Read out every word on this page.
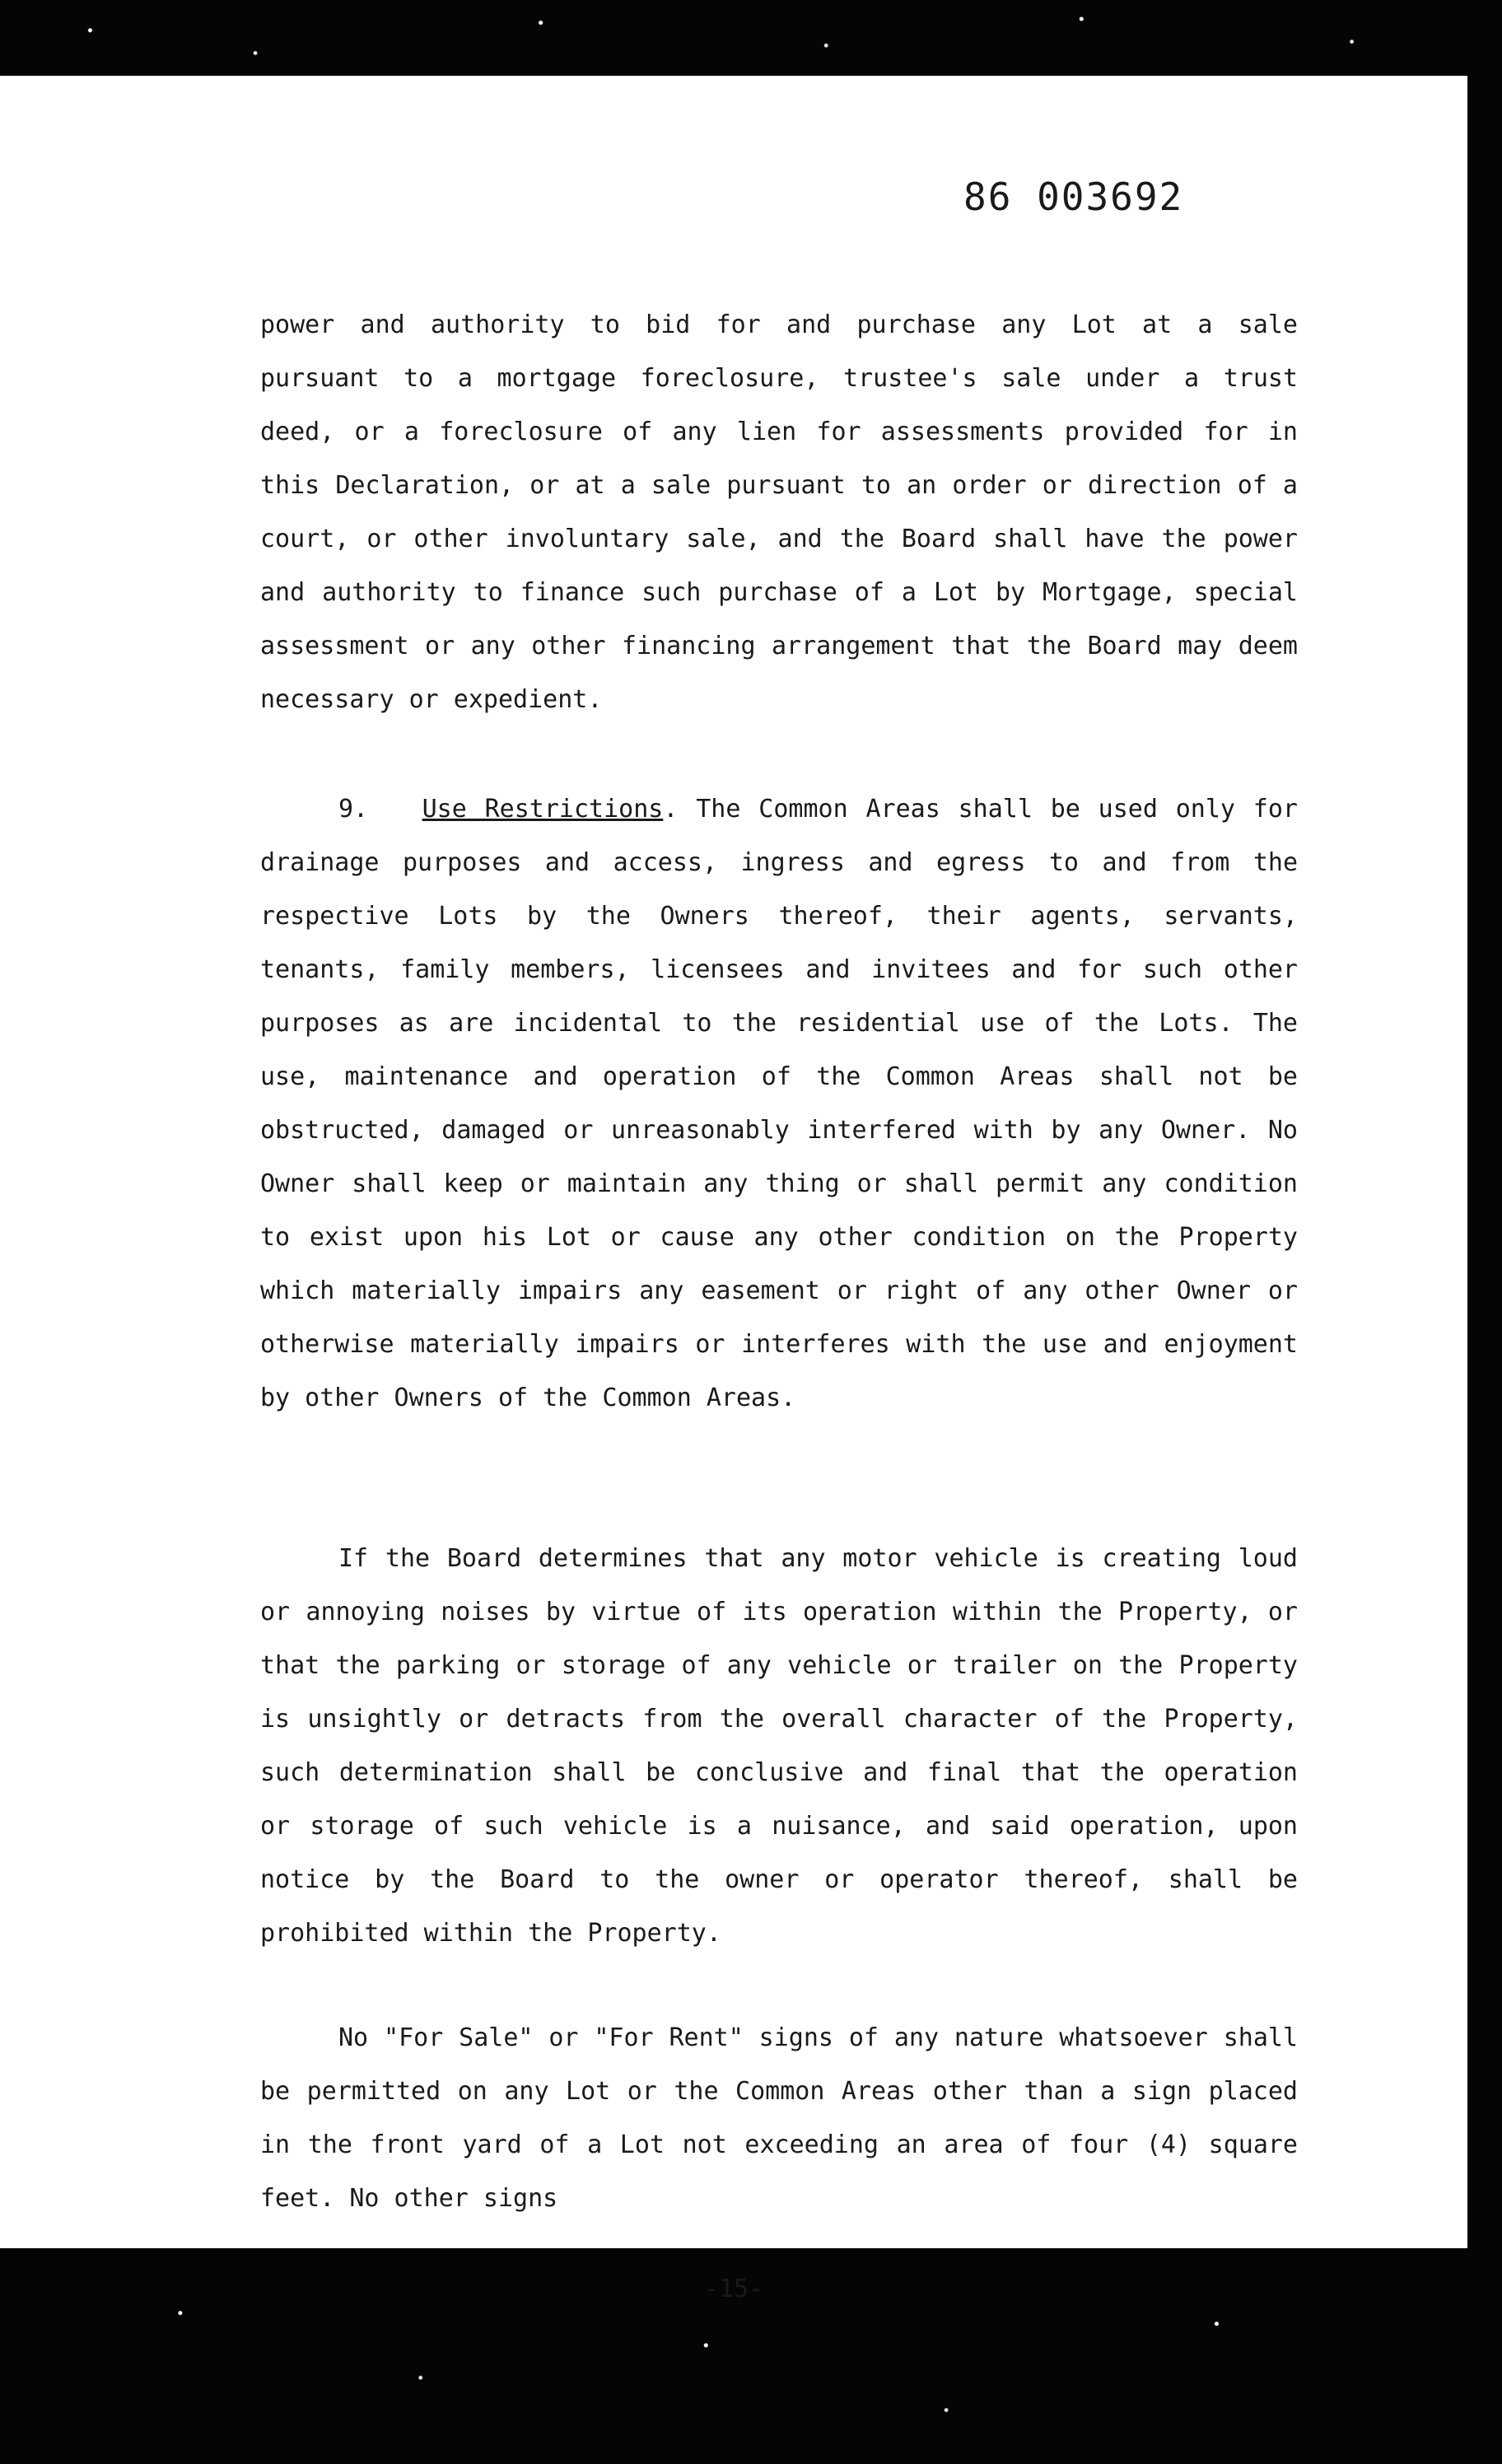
86 003692

power and authority to bid for and purchase any Lot at a sale pursuant to a mortgage foreclosure, trustee's sale under a trust deed, or a foreclosure of any lien for assessments provided for in this Declaration, or at a sale pursuant to an order or direction of a court, or other involuntary sale, and the Board shall have the power and authority to finance such purchase of a Lot by Mortgage, special assessment or any other financing arrangement that the Board may deem necessary or expedient.

9. Use Restrictions. The Common Areas shall be used only for drainage purposes and access, ingress and egress to and from the respective Lots by the Owners thereof, their agents, servants, tenants, family members, licensees and invitees and for such other purposes as are incidental to the residential use of the Lots. The use, maintenance and operation of the Common Areas shall not be obstructed, damaged or unreasonably interfered with by any Owner. No Owner shall keep or maintain any thing or shall permit any condition to exist upon his Lot or cause any other condition on the Property which materially impairs any easement or right of any other Owner or otherwise materially impairs or interferes with the use and enjoyment by other Owners of the Common Areas.

If the Board determines that any motor vehicle is creating loud or annoying noises by virtue of its operation within the Property, or that the parking or storage of any vehicle or trailer on the Property is unsightly or detracts from the overall character of the Property, such determination shall be conclusive and final that the operation or storage of such vehicle is a nuisance, and said operation, upon notice by the Board to the owner or operator thereof, shall be prohibited within the Property.

No "For Sale" or "For Rent" signs of any nature whatsoever shall be permitted on any Lot or the Common Areas other than a sign placed in the front yard of a Lot not exceeding an area of four (4) square feet. No other signs

-15-
